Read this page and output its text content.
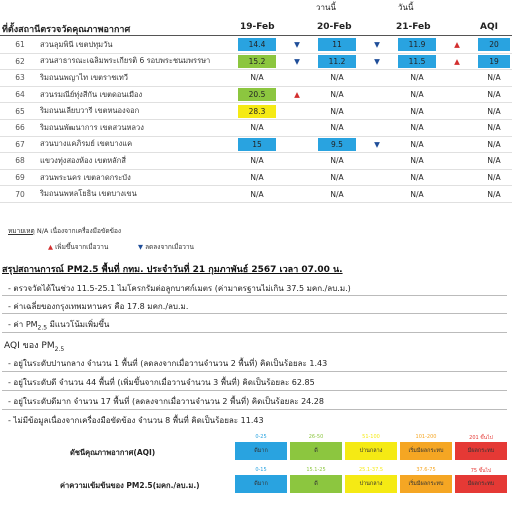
วานนี้	วันนี้
ที่ตั้งสถานีตรวจวัดคุณภาพอากาศ	19-Feb	20-Feb	21-Feb	AQI
61	สวนลุมพินี เขตปทุมวัน	14.4	▼	11	▼	11.9	▲	20

62	สวนสาธารณะเฉลิมพระเกียรติ 6 รอบพระชนมพรรษา	15.2	▼	11.2	▼	11.5	▲	19

63	ริมถนนพญาไท เขตราชเทวี	N/A		N/A		N/A		N/A

64	สวนรมณีย์ทุ่งสีกัน เขตดอนเมือง	20.5	▲	N/A		N/A		N/A

65	ริมถนนเลียบวารี เขตหนองจอก	28.3		N/A		N/A		N/A

66	ริมถนนพัฒนาการ เขตสวนหลวง	N/A		N/A		N/A		N/A

67	สวนบางแคภิรมย์ เขตบางแค	15		9.5	▼	N/A		N/A

68	แขวงทุ่งสองห้อง เขตหลักสี่	N/A		N/A		N/A		N/A

69	สวนพระนคร เขตลาดกระบัง	N/A		N/A		N/A		N/A

70	ริมถนนพหลโยธิน เขตบางเขน	N/A		N/A		N/A		N/A
หมายเหตุ N/A เนื่องจากเครื่องมือขัดข้อง
▲ เพิ่มขึ้นจากเมื่อวาน	▼ ลดลงจากเมื่อวาน
สรุปสถานการณ์ PM2.5 พื้นที่ กทม. ประจำวันที่ 21 กุมภาพันธ์ 2567 เวลา 07.00 น.
- ตรวจวัดได้ในช่วง 11.5-25.1 ไมโครกรัมต่อลูกบาศก์เมตร (ค่ามาตรฐานไม่เกิน 37.5 มคก./ลบ.ม.)
- ค่าเฉลี่ยของกรุงเทพมหานคร คือ 17.8 มคก./ลบ.ม.
- ค่า $PM_{2.5}$ มีแนวโน้มเพิ่มขึ้น
AQI ของ $PM_{2.5}$
- อยู่ในระดับปานกลาง จำนวน 1 พื้นที่ (ลดลงจากเมื่อวานจำนวน 2 พื้นที่) คิดเป็นร้อยละ 1.43
- อยู่ในระดับดี จำนวน 44 พื้นที่ (เพิ่มขึ้นจากเมื่อวานจำนวน 3 พื้นที่) คิดเป็นร้อยละ 62.85
- อยู่ในระดับดีมาก จำนวน 17 พื้นที่ (ลดลงจากเมื่อวานจำนวน 2 พื้นที่) คิดเป็นร้อยละ 24.28
- ไม่มีข้อมูลเนื่องจากเครื่องมือขัดข้อง จำนวน 8 พื้นที่ คิดเป็นร้อยละ 11.43
ดัชนีคุณภาพอากาศ(AQI)
ค่าความเข้มข้นของ PM2.5(มคก./ลบ.ม.)
0-25
ดีมาก
0-15
ดีมาก
26-50
ดี
15.1-25
ดี
51-100
ปานกลาง
25.1-37.5
ปานกลาง
101-200
เริ่มมีผลกระทบ
37.6-75
เริ่มมีผลกระทบ
201 ขึ้นไป
มีผลกระทบ
75 ขึ้นไป
มีผลกระทบ
